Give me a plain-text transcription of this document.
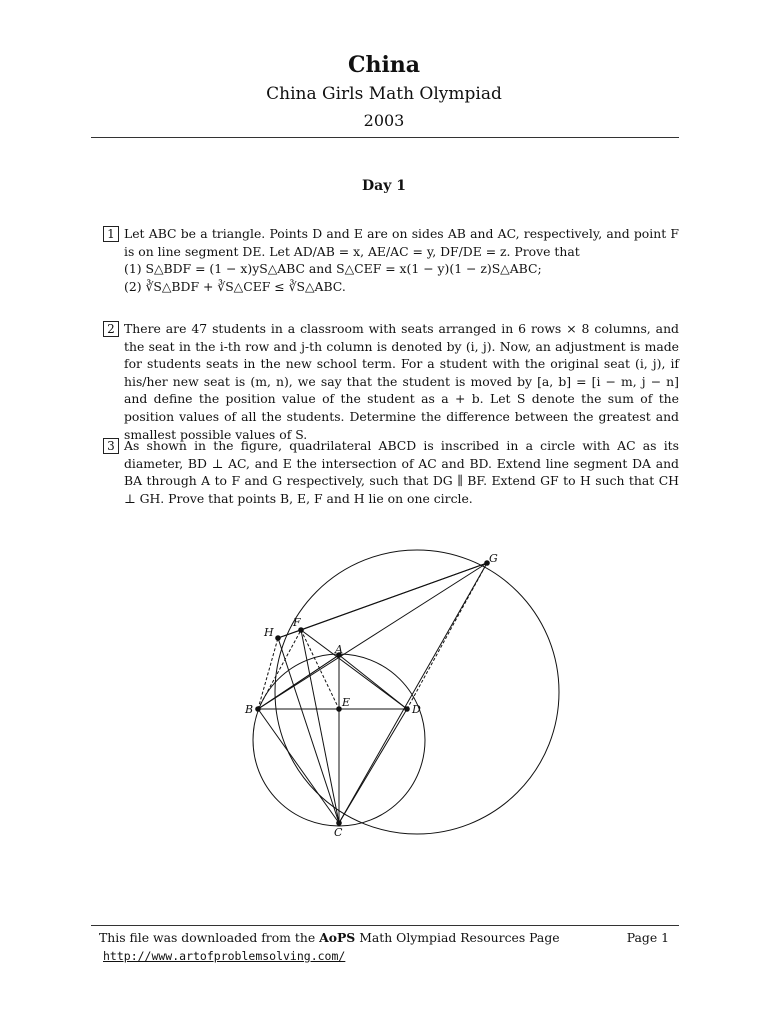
China
China Girls Math Olympiad
2003
Day 1
1 Let ABC be a triangle. Points D and E are on sides AB and AC, respectively, and point F is on line segment DE. Let AD/AB = x, AE/AC = y, DF/DE = z. Prove that

(1) S△BDF = (1 − x)yS△ABC and S△CEF = x(1 − y)(1 − z)S△ABC;

(2) ∛S△BDF + ∛S△CEF ≤ ∛S△ABC.

2 There are 47 students in a classroom with seats arranged in 6 rows × 8 columns, and the seat in the i-th row and j-th column is denoted by (i, j). Now, an adjustment is made for students seats in the new school term. For a student with the original seat (i, j), if his/her new seat is (m, n), we say that the student is moved by [a, b] = [i − m, j − n] and define the position value of the student as a + b. Let S denote the sum of the position values of all the students. Determine the difference between the greatest and smallest possible values of S.

3 As shown in the figure, quadrilateral ABCD is inscribed in a circle with AC as its diameter, BD ⊥ AC, and E the intersection of AC and BD. Extend line segment DA and BA through A to F and G respectively, such that DG ∥ BF. Extend GF to H such that CH ⊥ GH. Prove that points B, E, F and H lie on one circle.

G
F
H
A
B
E
D
C
This file was downloaded from the AoPS Math Olympiad Resources Page	Page 1
http://www.artofproblemsolving.com/
